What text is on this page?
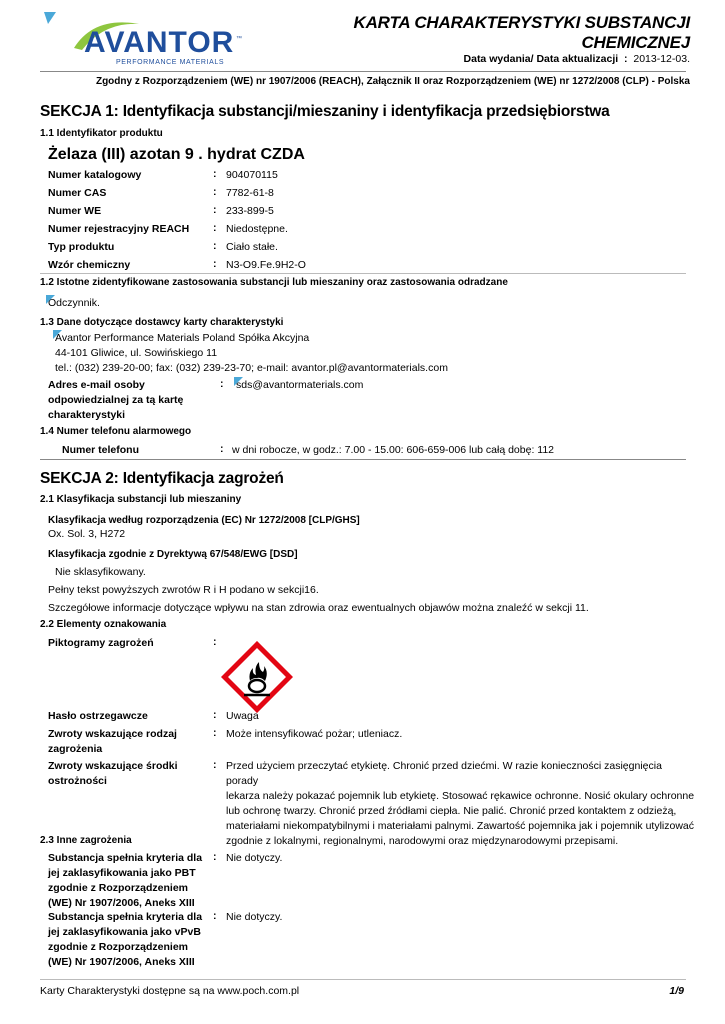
AVANTOR ™
PERFORMANCE MATERIALS
KARTA CHARAKTERYSTYKI SUBSTANCJI CHEMICZNEJ
Data wydania/ Data aktualizacji : 2013-12-03.
Zgodny z Rozporządzeniem (WE) nr 1907/2006 (REACH), Załącznik II oraz Rozporządzeniem (WE) nr 1272/2008 (CLP) - Polska
SEKCJA 1: Identyfikacja substancji/mieszaniny i identyfikacja przedsiębiorstwa
1.1 Identyfikator produktu
Żelaza (III) azotan 9 . hydrat CZDA
Numer katalogowy	: 904070115
Numer CAS	: 7782-61-8
Numer WE	: 233-899-5
Numer rejestracyjny REACH	: Niedostępne.
Typ produktu	: Ciało stałe.
Wzór chemiczny	: N3-O9.Fe.9H2-O
1.2 Istotne zidentyfikowane zastosowania substancji lub mieszaniny oraz zastosowania odradzane
Odczynnik.
1.3 Dane dotyczące dostawcy karty charakterystyki
Avantor Performance Materials Poland Spółka Akcyjna
44-101 Gliwice, ul. Sowińskiego 11
tel.: (032) 239-20-00; fax: (032) 239-23-70; e-mail: avantor.pl@avantormaterials.com
Adres e-mail osoby
odpowiedzialnej za tą kartę
charakterystyki
: sds@avantormaterials.com
1.4 Numer telefonu alarmowego
Numer telefonu	: w dni robocze, w godz.: 7.00 - 15.00: 606-659-006 lub całą dobę: 112
SEKCJA 2: Identyfikacja zagrożeń
2.1 Klasyfikacja substancji lub mieszaniny
Klasyfikacja według rozporządzenia (EC) Nr 1272/2008 [CLP/GHS]
Ox. Sol. 3, H272
Klasyfikacja zgodnie z Dyrektywą 67/548/EWG [DSD]
Nie sklasyfikowany.
Pełny tekst powyższych zwrotów R i H podano w sekcji16.
Szczegółowe informacje dotyczące wpływu na stan zdrowia oraz ewentualnych objawów można znaleźć w sekcji 11.
2.2 Elementy oznakowania
Piktogramy zagrożeń	:
Hasło ostrzegawcze	: Uwaga
Zwroty wskazujące rodzaj
zagrożenia
: Może intensyfikować pożar; utleniacz.
Zwroty wskazujące środki
ostrożności
: Przed użyciem przeczytać etykietę. Chronić przed dziećmi. W razie konieczności zasięgnięcia porady
lekarza należy pokazać pojemnik lub etykietę. Stosować rękawice ochronne. Nosić okulary ochronne
lub ochronę twarzy. Chronić przed źródłami ciepła. Nie palić. Chronić przed kontaktem z odzieżą,
materiałami niekompatybilnymi i materiałami palnymi. Zawartość pojemnika jak i pojemnik utylizować
zgodnie z lokalnymi, regionalnymi, narodowymi oraz międzynarodowymi przepisami.
2.3 Inne zagrożenia
Substancja spełnia kryteria dla
jej zaklasyfikowania jako PBT
zgodnie z Rozporządzeniem
(WE) Nr 1907/2006, Aneks XIII
: Nie dotyczy.
Substancja spełnia kryteria dla
jej zaklasyfikowania jako vPvB
zgodnie z Rozporządzeniem
(WE) Nr 1907/2006, Aneks XIII
: Nie dotyczy.
Karty Charakterystyki dostępne są na www.poch.com.pl	1/9
